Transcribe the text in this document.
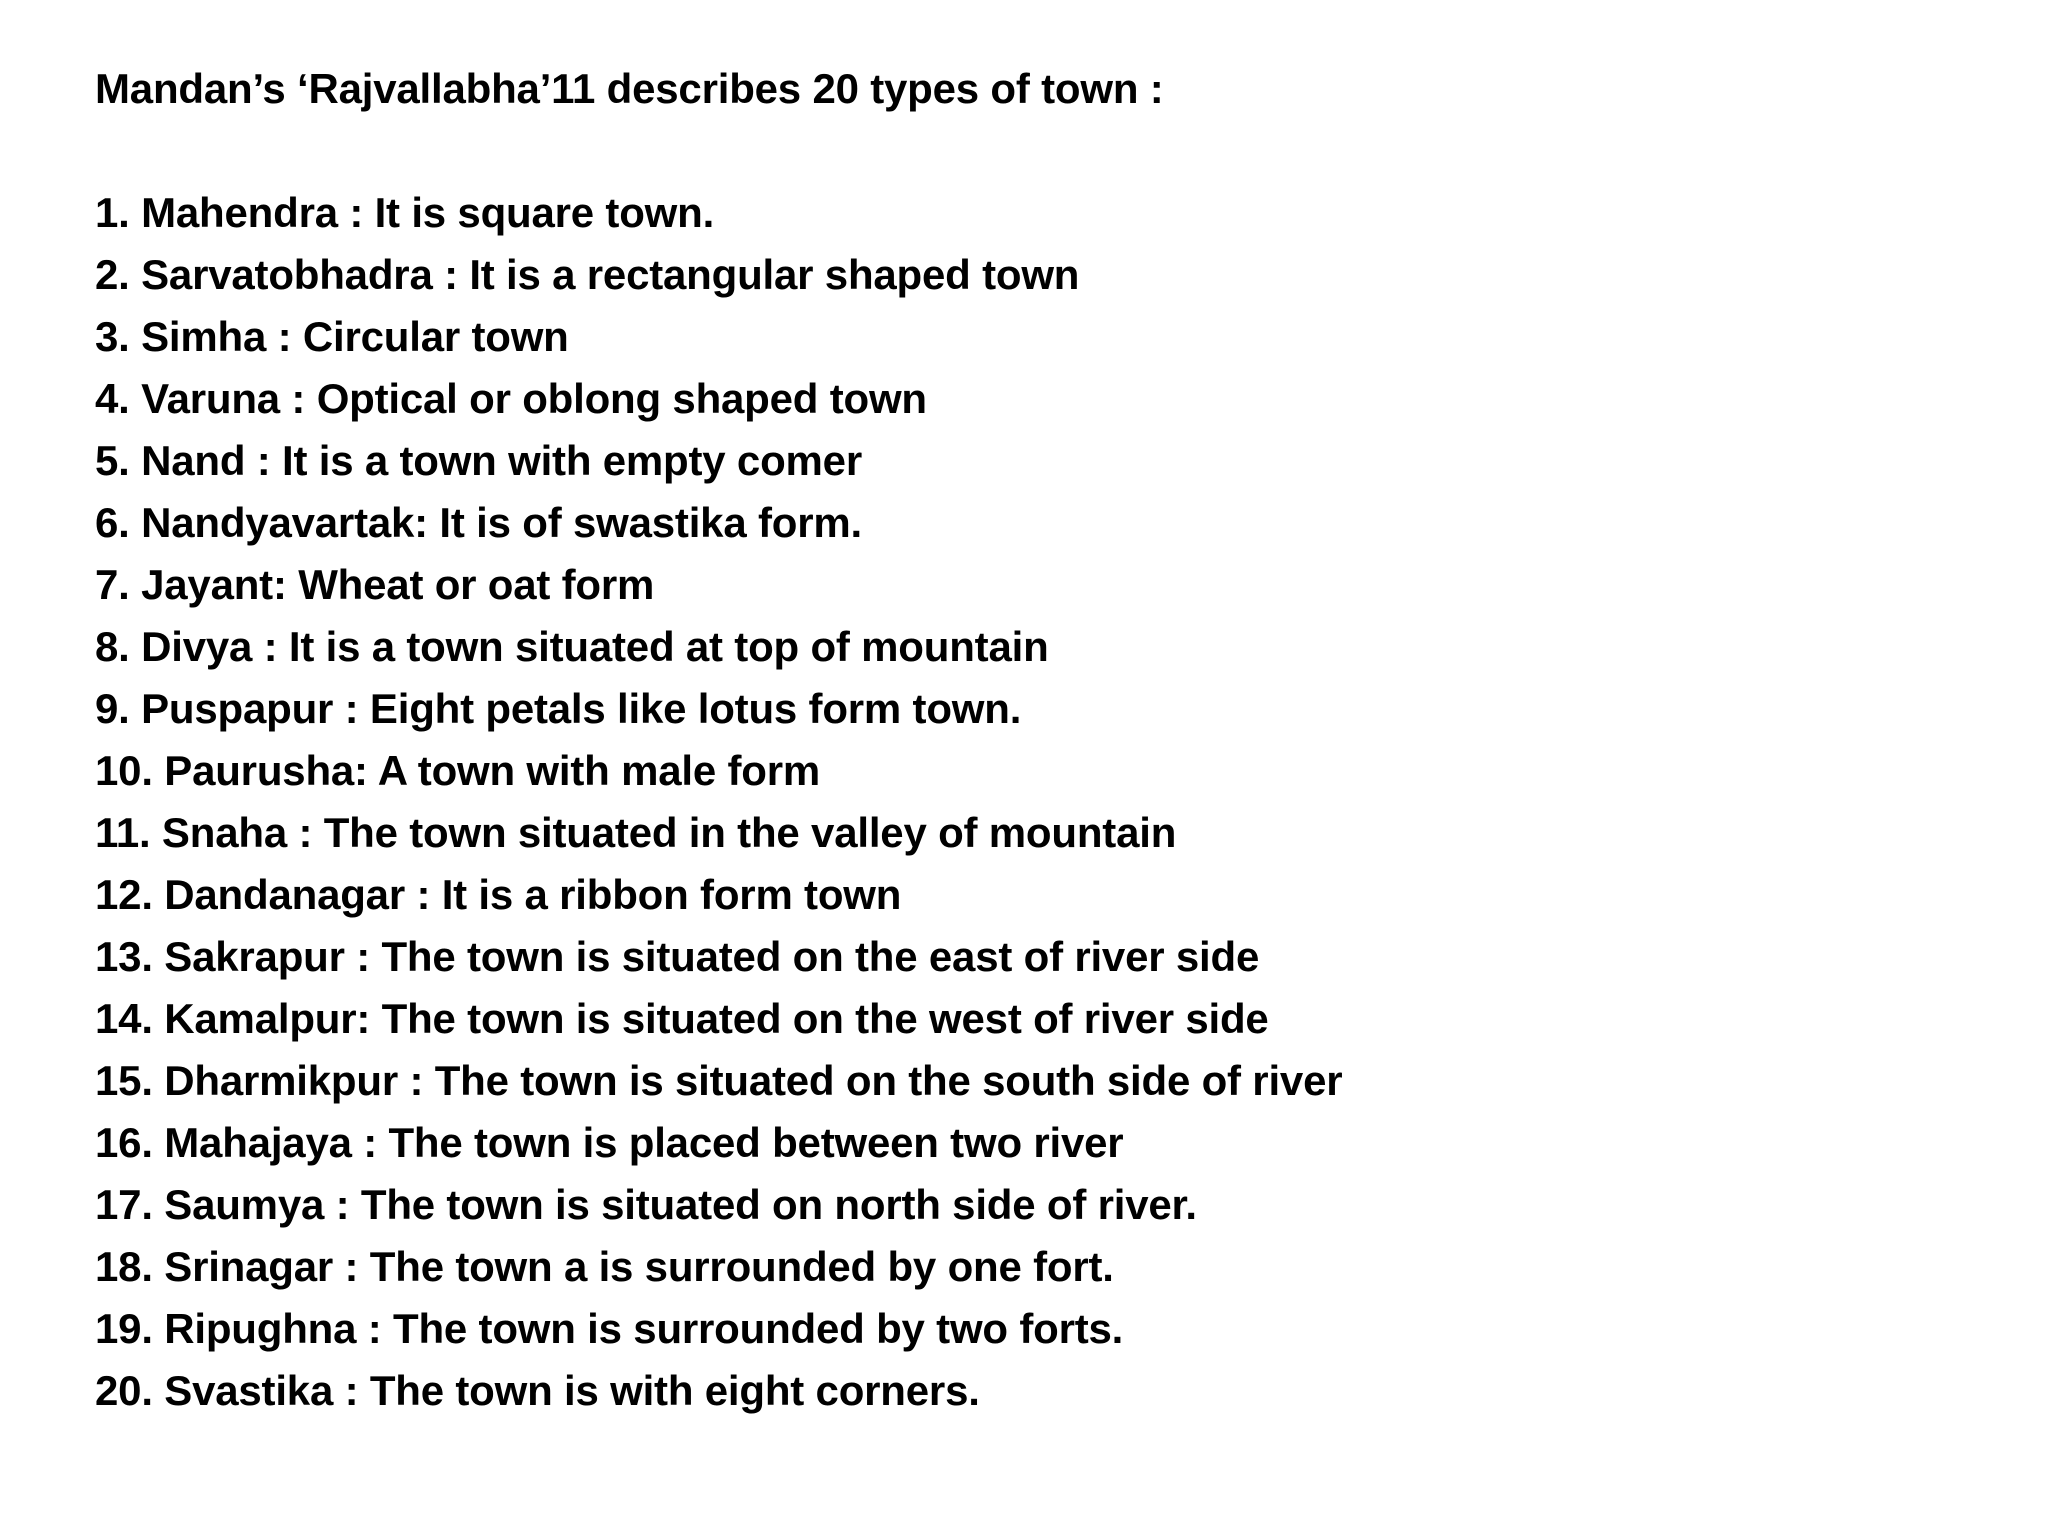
Mandan’s ‘Rajvallabha’11 describes 20 types of town :
1. Mahendra : It is square town.
2. Sarvatobhadra : It is a rectangular shaped town
3. Simha : Circular town
4. Varuna : Optical or oblong shaped town
5. Nand : It is a town with empty comer
6. Nandyavartak: It is of swastika form.
7. Jayant: Wheat or oat form
8. Divya : It is a town situated at top of mountain
9. Puspapur : Eight petals like lotus form town.
10. Paurusha: A town with male form
11. Snaha : The town situated in the valley of mountain
12. Dandanagar : It is a ribbon form town
13. Sakrapur : The town is situated on the east of river side
14. Kamalpur: The town is situated on the west of river side
15. Dharmikpur : The town is situated on the south side of river
16. Mahajaya : The town is placed between two river
17. Saumya : The town is situated on north side of river.
18. Srinagar : The town a is surrounded by one fort.
19. Ripughna : The town is surrounded by two forts.
20. Svastika : The town is with eight corners.
